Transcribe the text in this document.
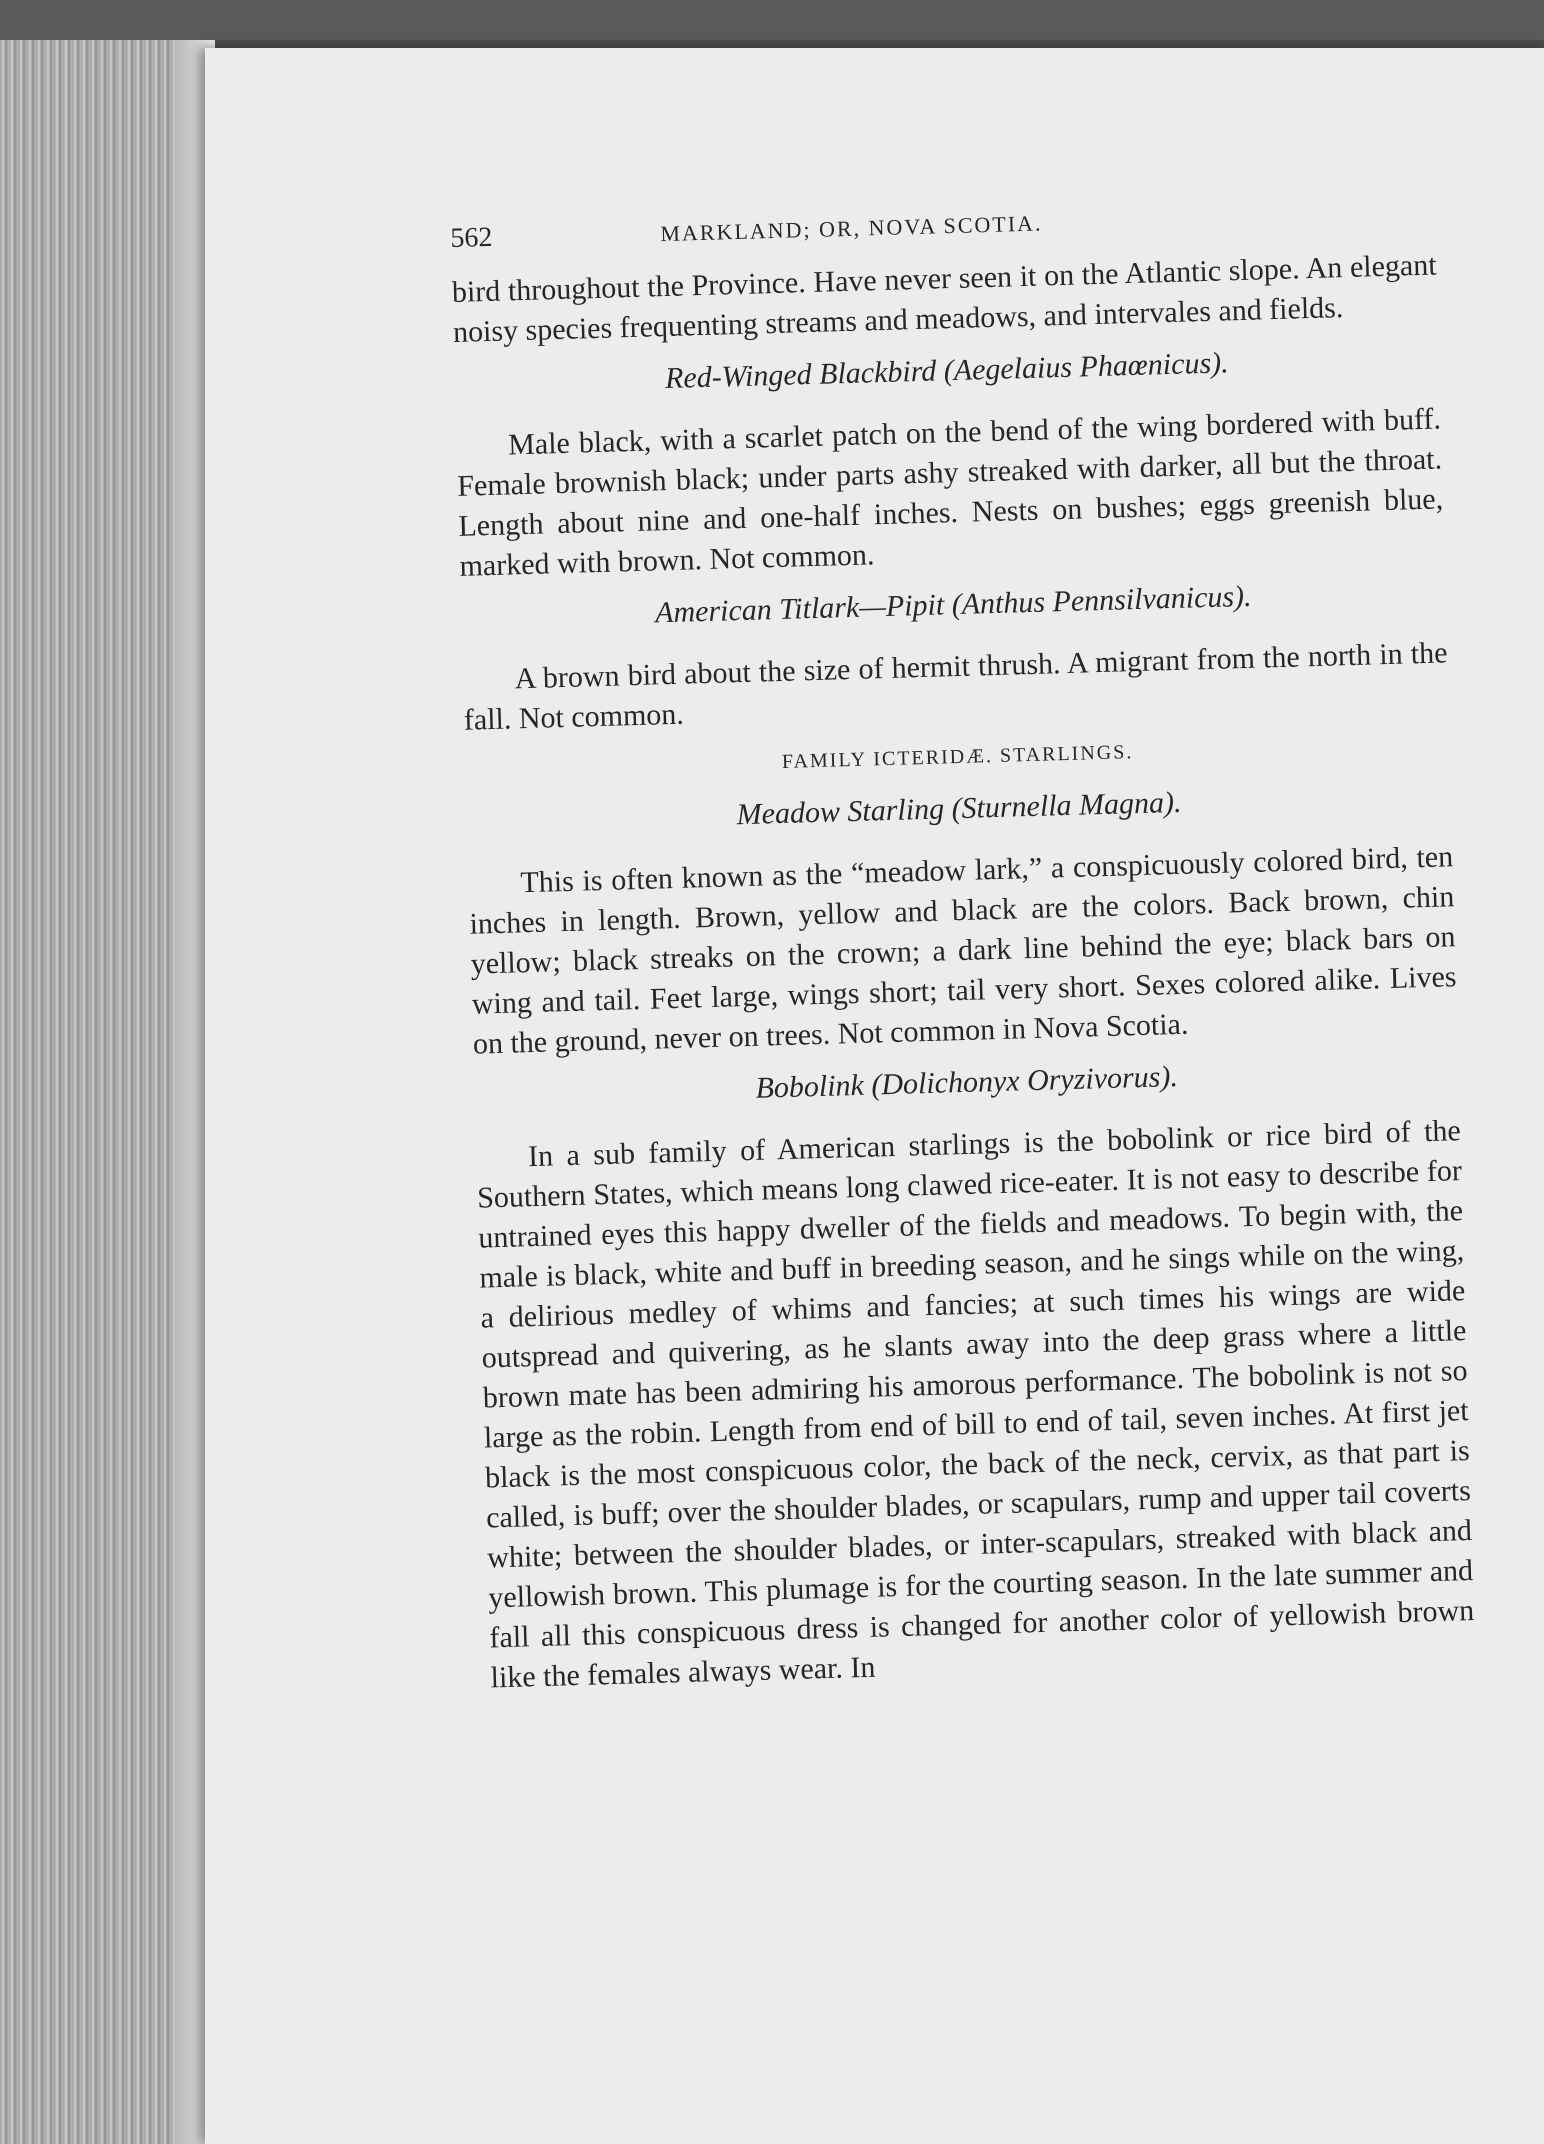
562	MARKLAND; OR, NOVA SCOTIA.

bird throughout the Province. Have never seen it on the Atlantic slope. An elegant noisy species frequenting streams and meadows, and intervales and fields.

Red-Winged Blackbird (Aegelaius Phaœnicus).

Male black, with a scarlet patch on the bend of the wing bordered with buff. Female brownish black; under parts ashy streaked with darker, all but the throat. Length about nine and one-half inches. Nests on bushes; eggs greenish blue, marked with brown. Not common.

American Titlark—Pipit (Anthus Pennsilvanicus).

A brown bird about the size of hermit thrush. A migrant from the north in the fall. Not common.

FAMILY ICTERIDÆ. STARLINGS.
Meadow Starling (Sturnella Magna).

This is often known as the “meadow lark,” a conspicuously colored bird, ten inches in length. Brown, yellow and black are the colors. Back brown, chin yellow; black streaks on the crown; a dark line behind the eye; black bars on wing and tail. Feet large, wings short; tail very short. Sexes colored alike. Lives on the ground, never on trees. Not common in Nova Scotia.

Bobolink (Dolichonyx Oryzivorus).

In a sub family of American starlings is the bobolink or rice bird of the Southern States, which means long clawed rice-eater. It is not easy to describe for untrained eyes this happy dweller of the fields and meadows. To begin with, the male is black, white and buff in breeding season, and he sings while on the wing, a delirious medley of whims and fancies; at such times his wings are wide outspread and quivering, as he slants away into the deep grass where a little brown mate has been admiring his amorous performance. The bobolink is not so large as the robin. Length from end of bill to end of tail, seven inches. At first jet black is the most conspicuous color, the back of the neck, cervix, as that part is called, is buff; over the shoulder blades, or scapulars, rump and upper tail coverts white; between the shoulder blades, or inter-scapulars, streaked with black and yellowish brown. This plumage is for the courting season. In the late summer and fall all this conspicuous dress is changed for another color of yellowish brown like the females always wear. In
